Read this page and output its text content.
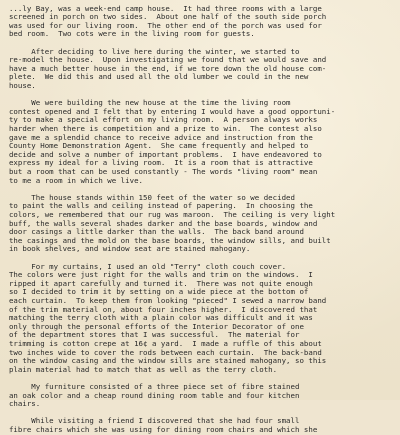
...ly Bay, was a week-end camp house.  It had three rooms with a large
screened in porch on two sides.  About one half of the south side porch
was used for our living room.  The other end of the porch was used for
bed room.  Two cots were in the living room for guests.
After deciding to live here during the winter, we started to
re-model the house.  Upon investigating we found that we would save and
have a much better house in the end, if we tore down the old house com-
plete.  We did this and used all the old lumber we could in the new
house.
We were building the new house at the time the living room
contest opened and I felt that by entering I would have a good opportuni-
ty to make a special effort on my living room.  A person always works
harder when there is competition and a prize to win.  The contest also
gave me a splendid chance to receive advice and instruction from the
County Home Demonstration Agent.  She came frequently and helped to
decide and solve a number of important problems.  I have endeavored to
express my ideal for a living room.  It is a room that is attractive
but a room that can be used constantly - The words "living room" mean
to me a room in which we live.
The house stands within 150 feet of the water so we decided
to paint the walls and ceiling instead of papering.  In choosing the
colors, we remembered that our rug was maroon.  The ceiling is very light
buff, the walls several shades darker and the base boards, window and
door casings a little darker than the walls.  The back band around
the casings and the mold on the base boards, the window sills, and built
in book shelves, and window seat are stained mahogany.
For my curtains, I used an old "Terry" cloth couch cover.
The colors were just right for the walls and trim on the windows.  I
ripped it apart carefully and turned it.  There was not quite enough
so I decided to trim it by setting on a wide piece at the bottom of
each curtain.  To keep them from looking "pieced" I sewed a narrow band
of the trim material on, about four inches higher.  I discovered that
matching the terry cloth with a plain color was difficult and it was
only through the personal efforts of the Interior Decorator of one
of the department stores that I was successful.  The material for
trimming is cotton crepe at 16¢ a yard.  I made a ruffle of this about
two inches wide to cover the rods between each curtain.  The back-band
on the window casing and the window sills are stained mahogany, so this
plain material had to match that as well as the terry cloth.
My furniture consisted of a three piece set of fibre stained
an oak color and a cheap round dining room table and four kitchen
chairs.
While visiting a friend I discovered that she had four small
fibre chairs which she was using for dining room chairs and which she
